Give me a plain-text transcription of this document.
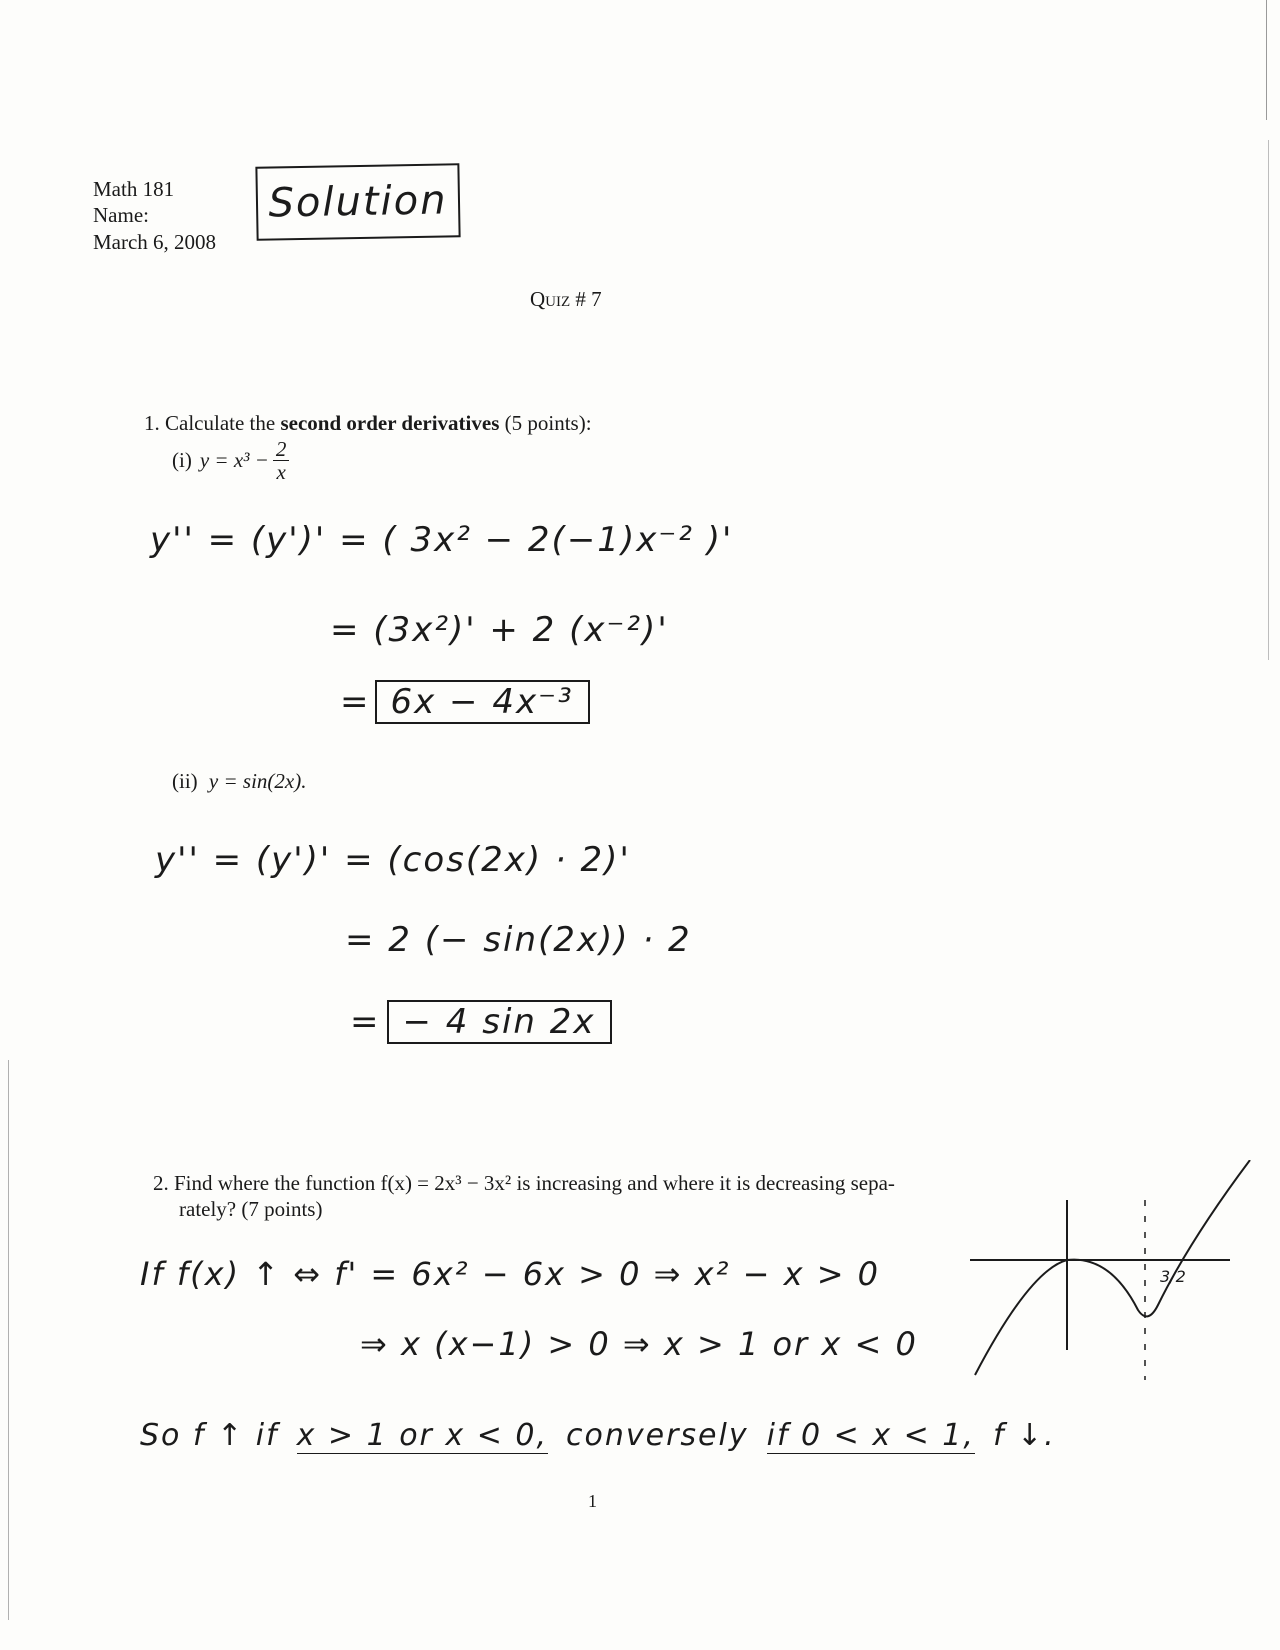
Math 181
Name:
March 6, 2008
Solution
Quiz # 7
1. Calculate the second order derivatives (5 points):
(i) $y = x^3 - \frac{2}{x}$
y'' = (y')' = ( 3x² − 2(−1)x⁻² )'
= (3x²)' + 2 (x⁻²)'
= 6x − 4x⁻³
(ii) y = sin(2x).
y'' = (y')' = (cos(2x) · 2)'
= 2 (− sin(2x)) · 2
= − 4 sin 2x
2. Find where the function f(x) = 2x³ − 3x² is increasing and where it is decreasing sepa-
rately? (7 points)
If f(x) ↑ ⇔ f' = 6x² − 6x > 0 ⇒ x² − x > 0
⇒ x (x−1) > 0 ⇒ x > 1 or x < 0
So f ↑ if x > 1 or x < 0, conversely if 0 < x < 1, f ↓.
3/2
1
